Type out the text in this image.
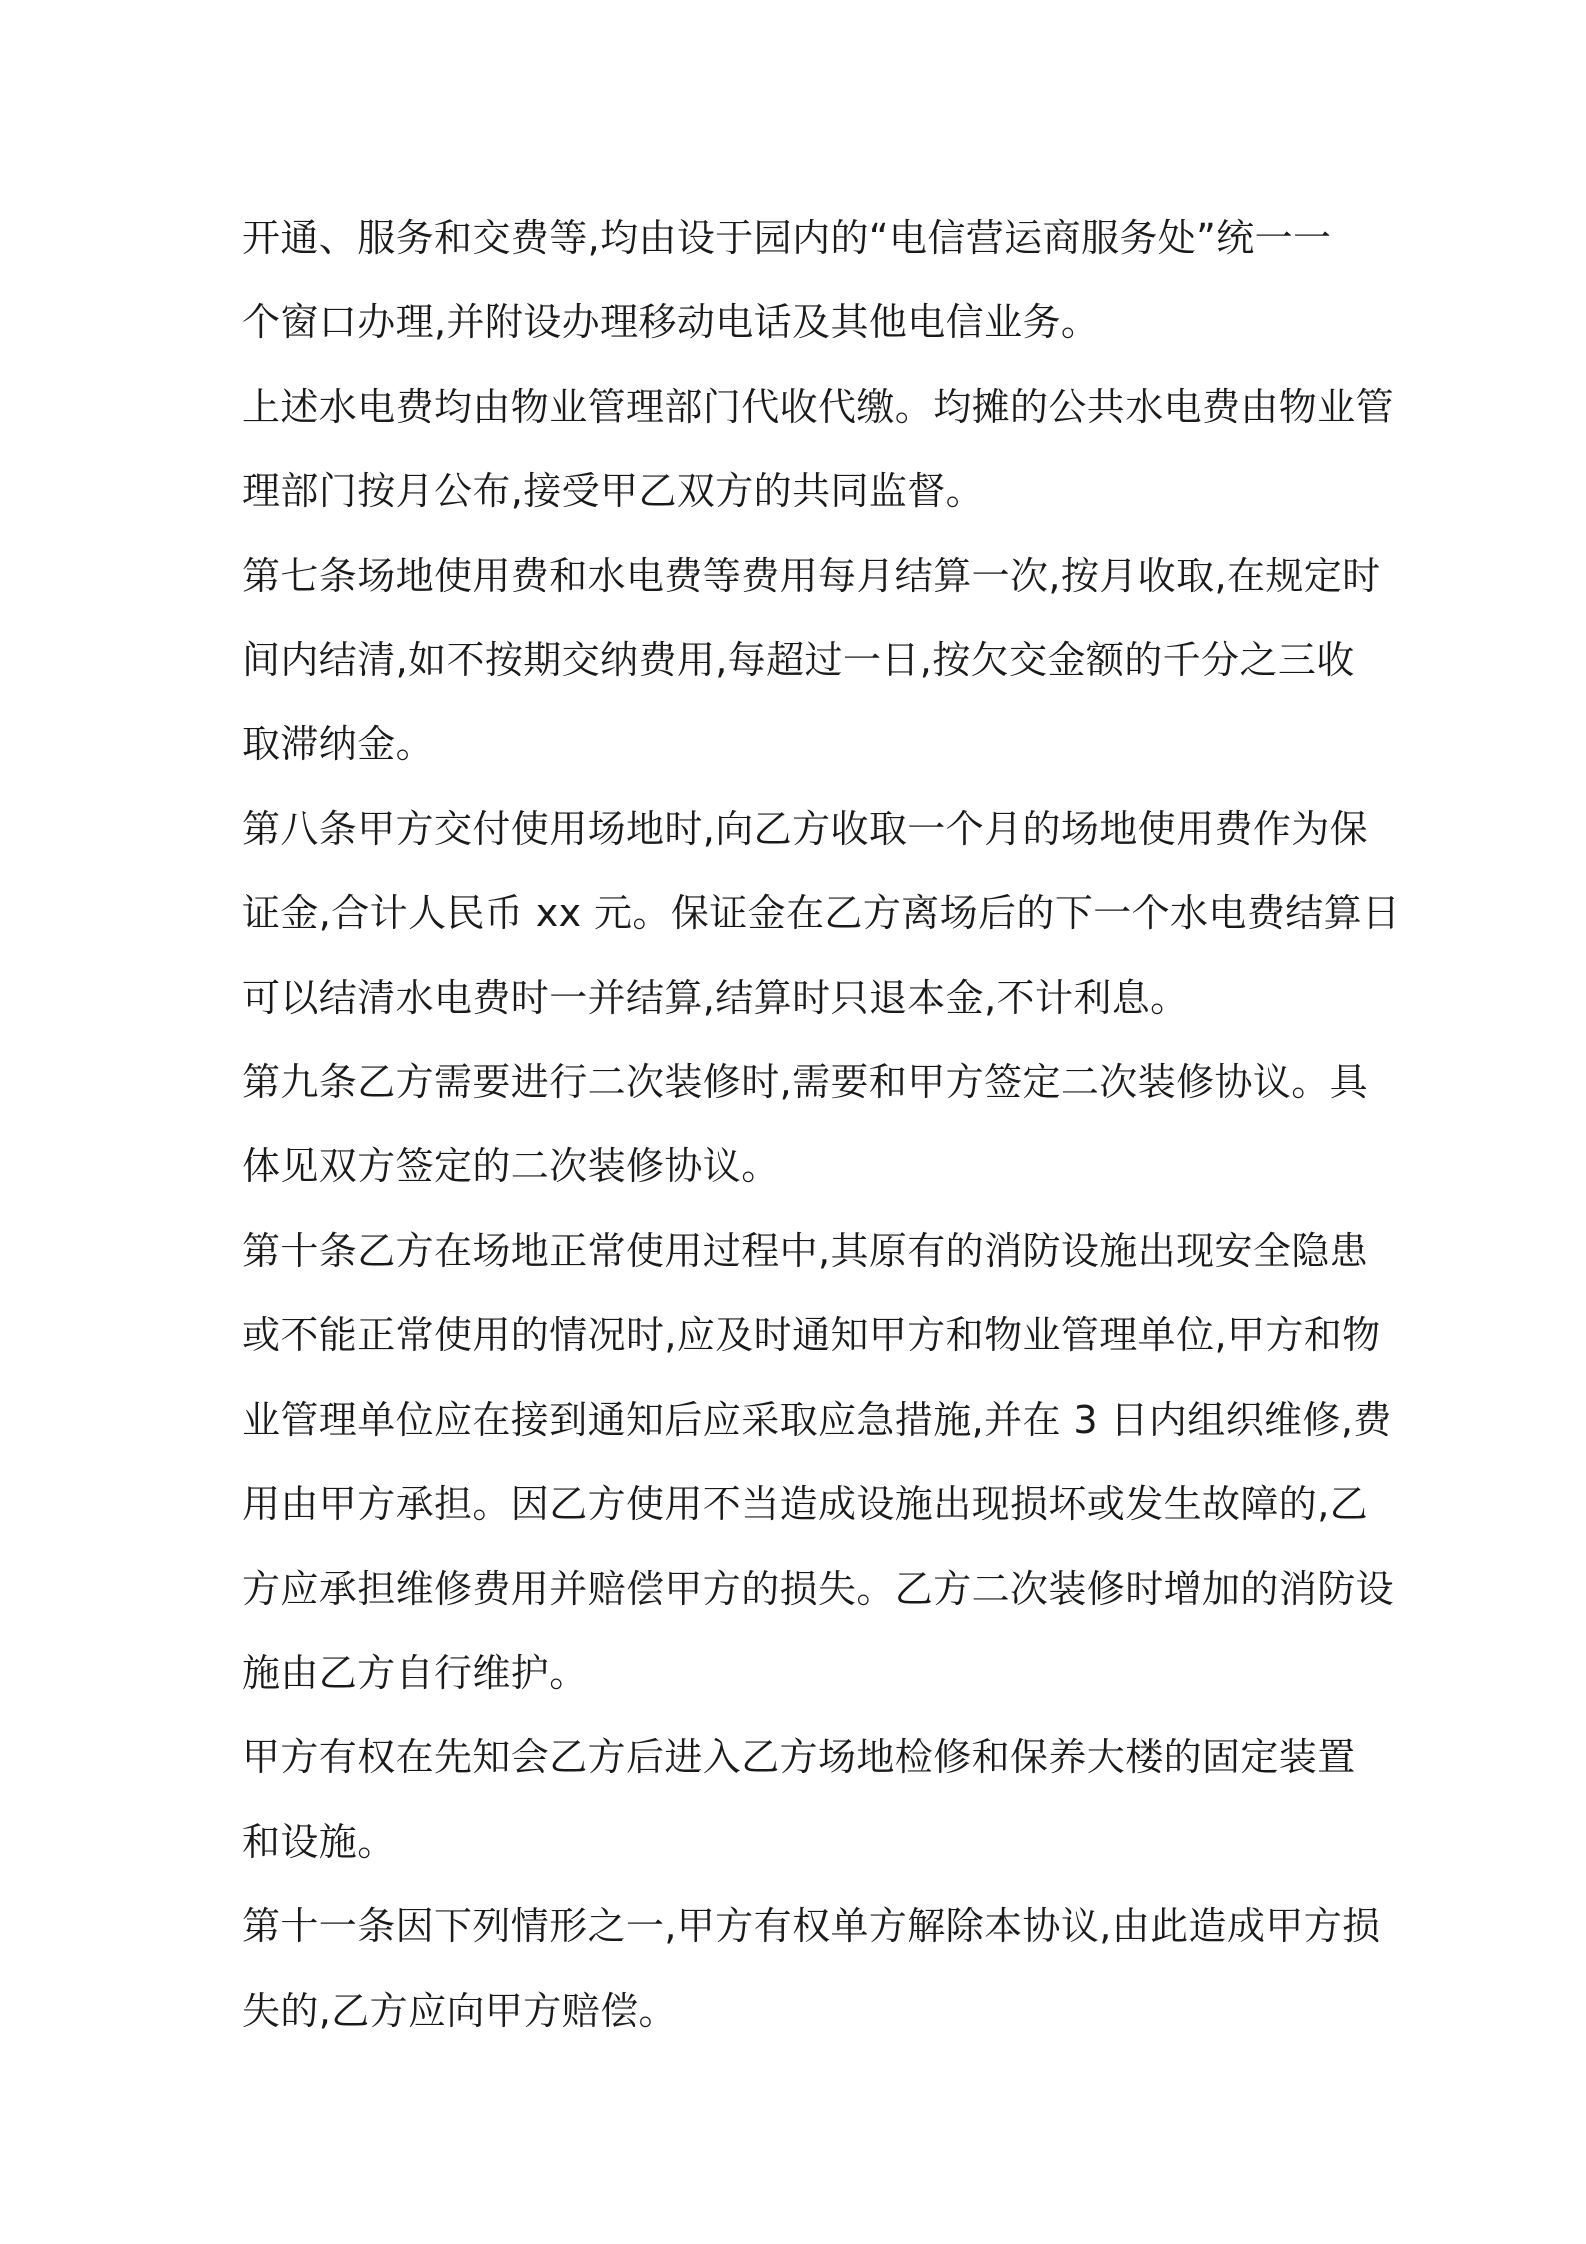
开通、服务和交费等,均由设于园内的“电信营运商服务处”统一一
个窗口办理,并附设办理移动电话及其他电信业务。
上述水电费均由物业管理部门代收代缴。均摊的公共水电费由物业管
理部门按月公布,接受甲乙双方的共同监督。
第七条场地使用费和水电费等费用每月结算一次,按月收取,在规定时
间内结清,如不按期交纳费用,每超过一日,按欠交金额的千分之三收
取滞纳金。
第八条甲方交付使用场地时,向乙方收取一个月的场地使用费作为保
证金,合计人民币 xx 元。保证金在乙方离场后的下一个水电费结算日
可以结清水电费时一并结算,结算时只退本金,不计利息。
第九条乙方需要进行二次装修时,需要和甲方签定二次装修协议。具
体见双方签定的二次装修协议。
第十条乙方在场地正常使用过程中,其原有的消防设施出现安全隐患
或不能正常使用的情况时,应及时通知甲方和物业管理单位,甲方和物
业管理单位应在接到通知后应采取应急措施,并在 3 日内组织维修,费
用由甲方承担。因乙方使用不当造成设施出现损坏或发生故障的,乙
方应承担维修费用并赔偿甲方的损失。乙方二次装修时增加的消防设
施由乙方自行维护。
甲方有权在先知会乙方后进入乙方场地检修和保养大楼的固定装置
和设施。
第十一条因下列情形之一,甲方有权单方解除本协议,由此造成甲方损
失的,乙方应向甲方赔偿。
